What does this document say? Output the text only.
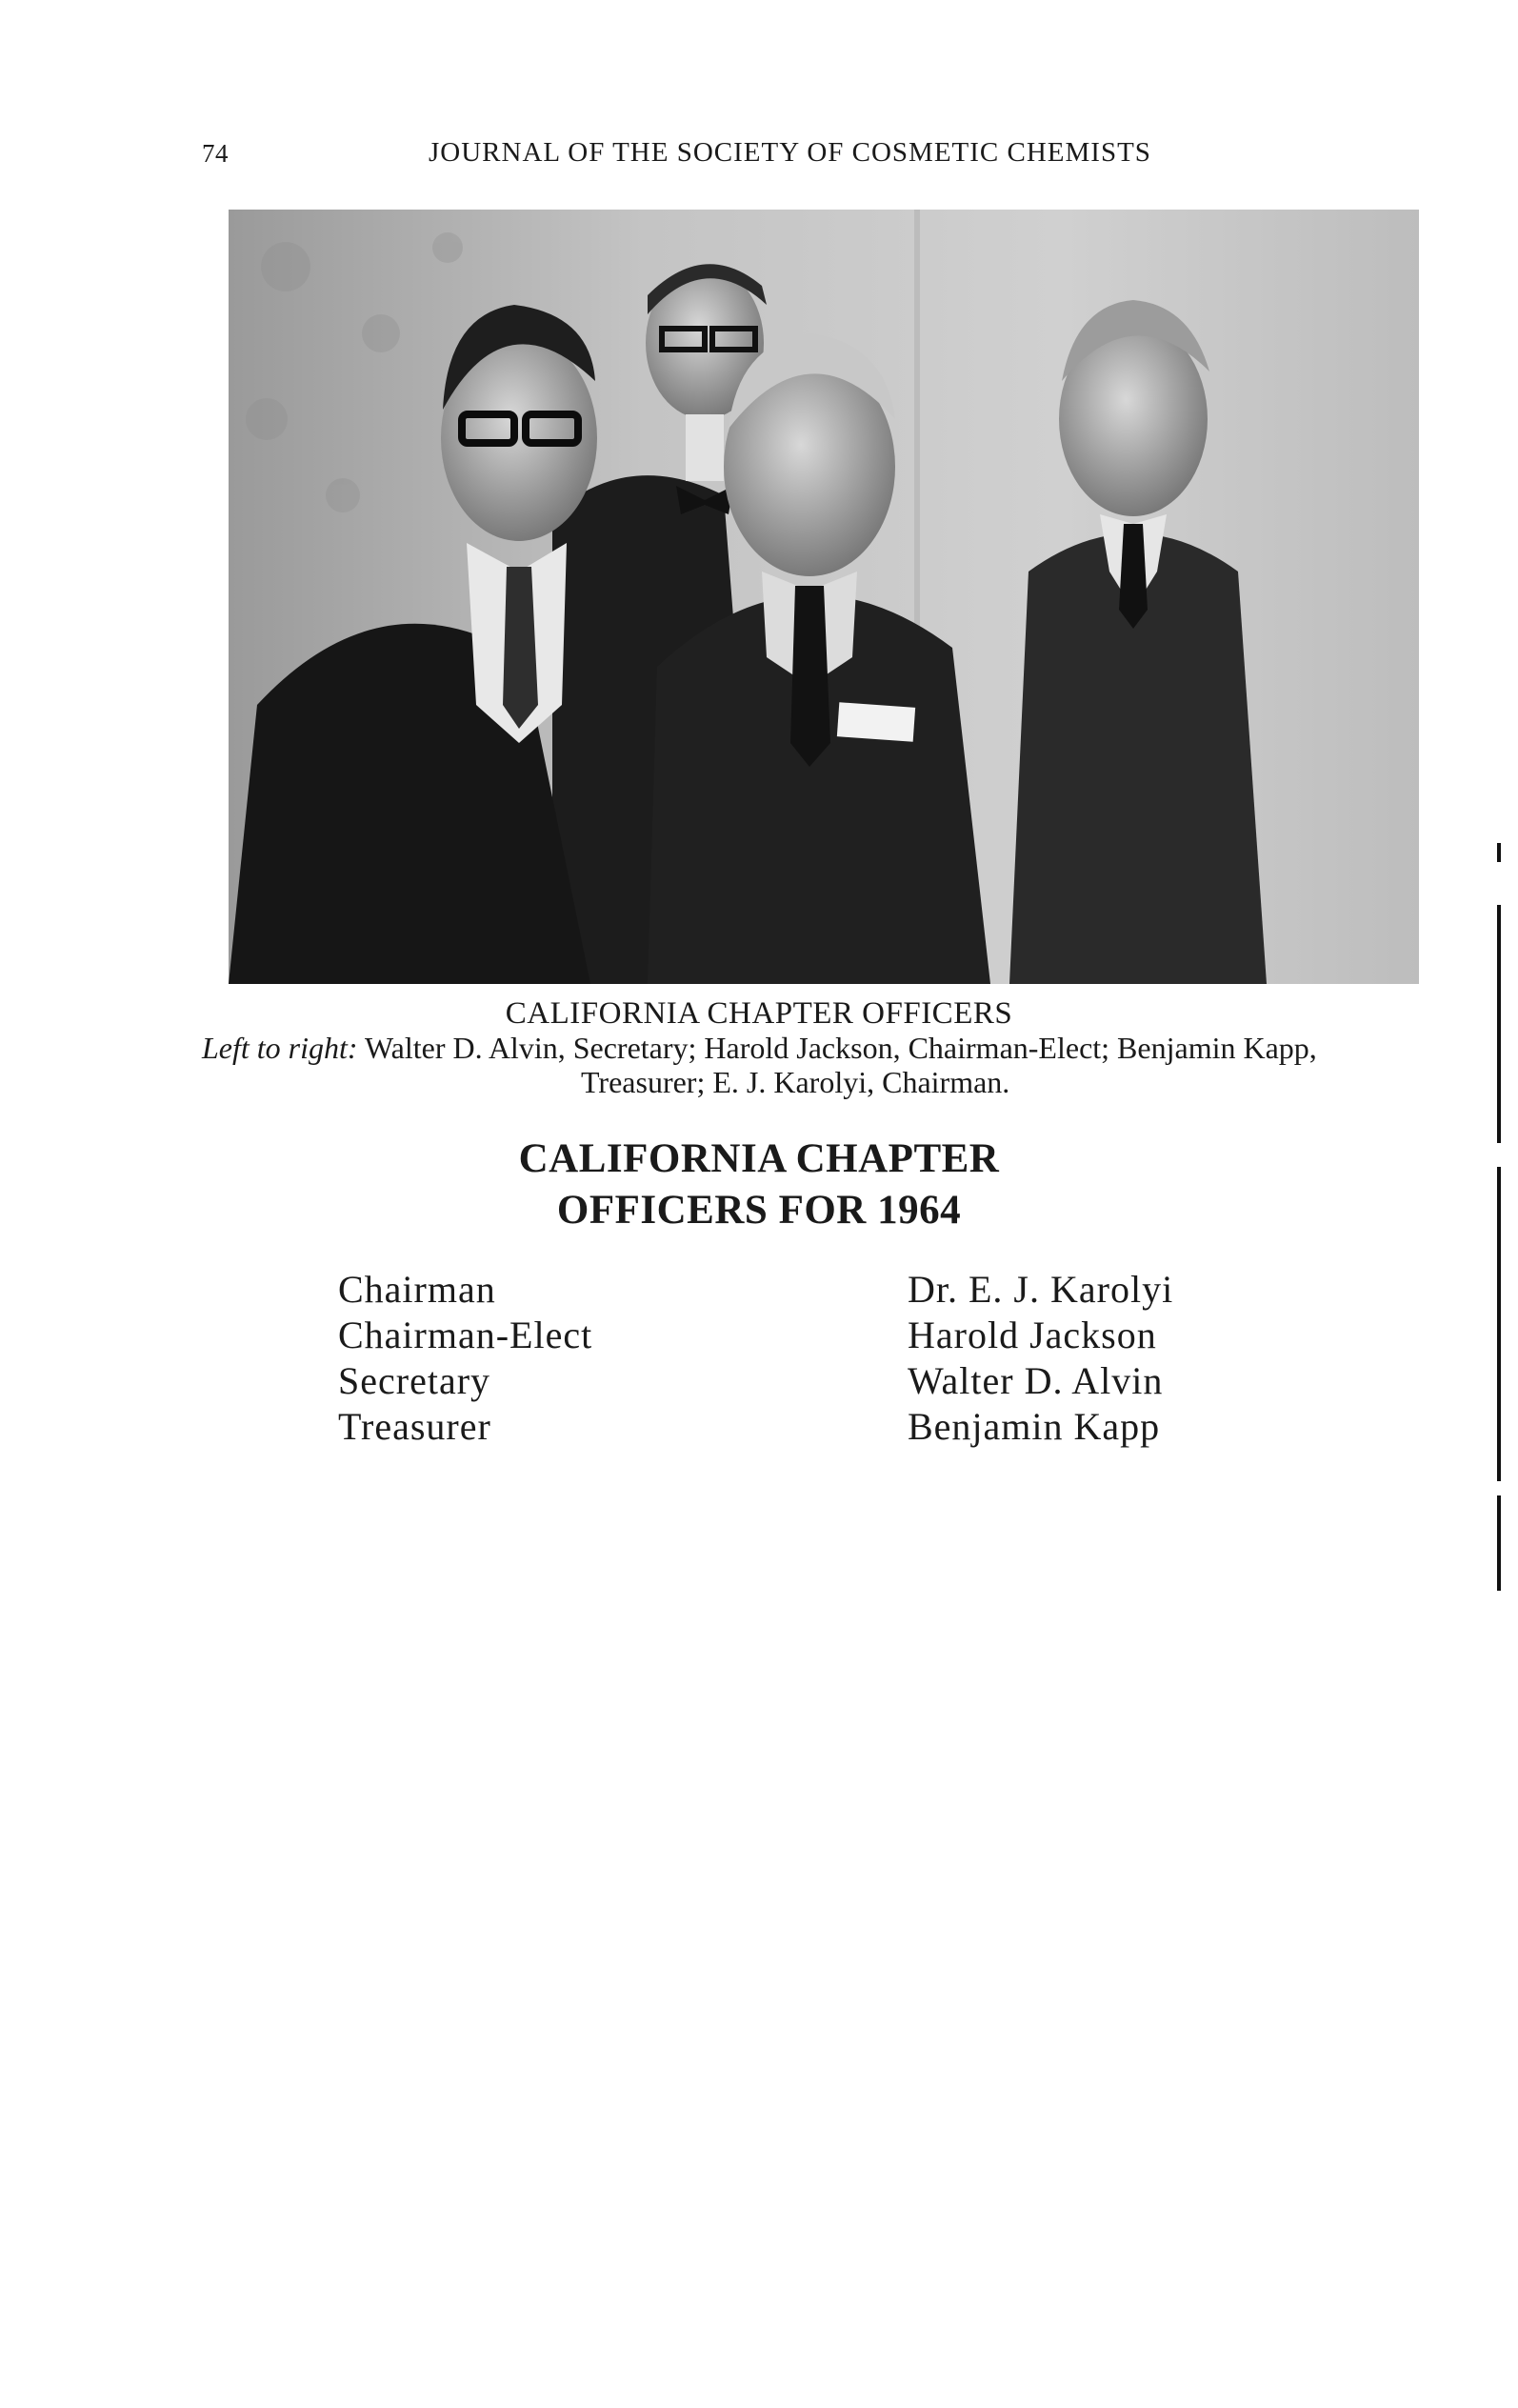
74	JOURNAL OF THE SOCIETY OF COSMETIC CHEMISTS
CALIFORNIA CHAPTER OFFICERS
Left to right: Walter D. Alvin, Secretary; Harold Jackson, Chairman-Elect; Benjamin Kapp,
Treasurer; E. J. Karolyi, Chairman.
CALIFORNIA CHAPTER
OFFICERS FOR 1964
Chairman	Dr. E. J. Karolyi
Chairman-Elect	Harold Jackson
Secretary	Walter D. Alvin
Treasurer	Benjamin Kapp
